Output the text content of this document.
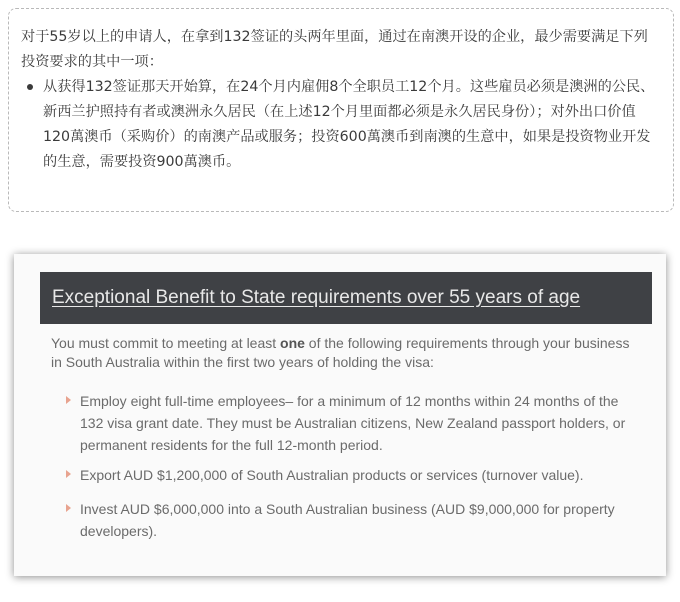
对于55岁以上的申请人，在拿到132签证的头两年里面，通过在南澳开设的企业，最少需要满足下列投资要求的其中一项：

从获得132签证那天开始算，在24个月内雇佣8个全职员工12个月。这些雇员必须是澳洲的公民、新西兰护照持有者或澳洲永久居民（在上述12个月里面都必须是永久居民身份）；对外出口价值120萬澳币（采购价）的南澳产品或服务；投资600萬澳币到南澳的生意中，如果是投资物业开发的生意，需要投资900萬澳币。
Exceptional Benefit to State requirements over 55 years of age

You must commit to meeting at least one of the following requirements through your business in South Australia within the first two years of holding the visa:

Employ eight full-time employees– for a minimum of 12 months within 24 months of the 132 visa grant date. They must be Australian citizens, New Zealand passport holders, or permanent residents for the full 12-month period.

Export AUD $1,200,000 of South Australian products or services (turnover value).

Invest AUD $6,000,000 into a South Australian business (AUD $9,000,000 for property developers).
